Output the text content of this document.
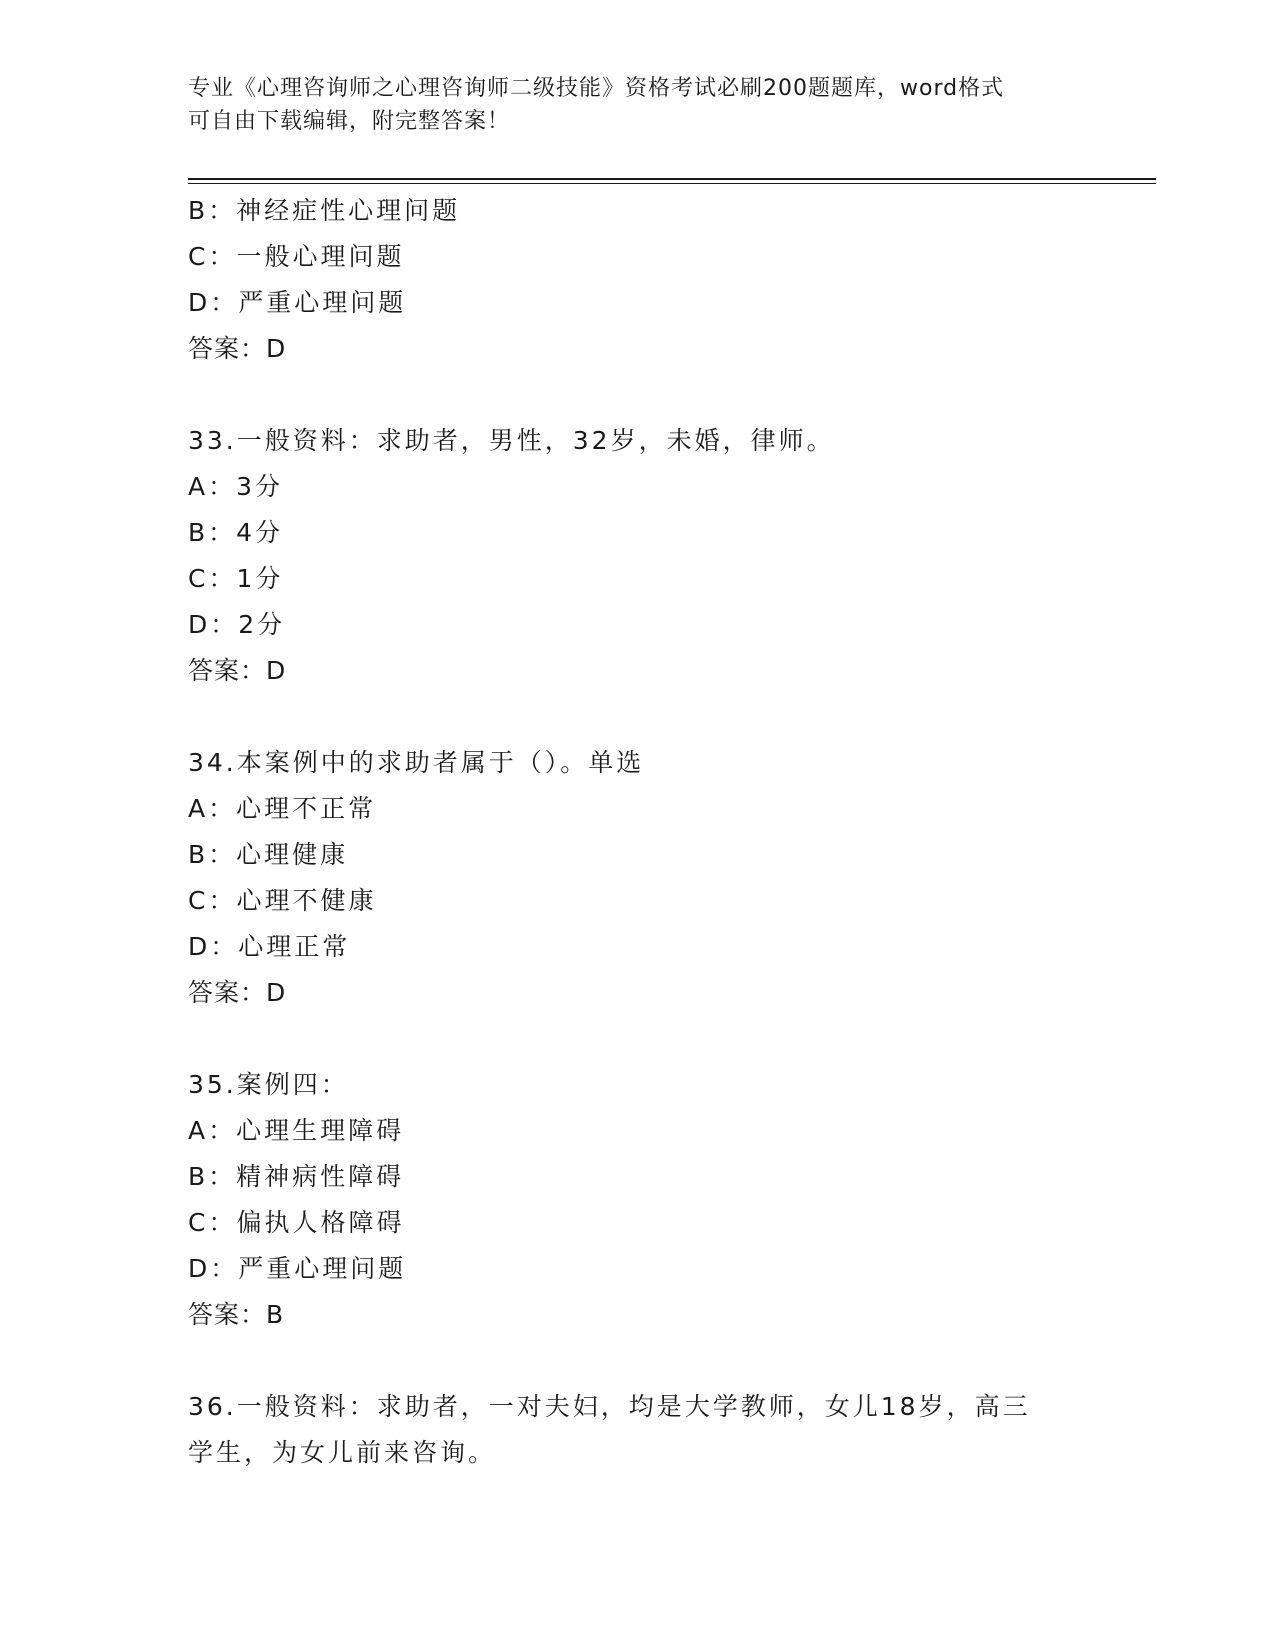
专业《心理咨询师之心理咨询师二级技能》资格考试必刷200题题库，word格式
可自由下载编辑，附完整答案！
B：神经症性心理问题
C：一般心理问题
D：严重心理问题
答案：D
33.一般资料：求助者，男性，32岁，未婚，律师。
A：3分
B：4分
C：1分
D：2分
答案：D
34.本案例中的求助者属于（）。单选
A：心理不正常
B：心理健康
C：心理不健康
D：心理正常
答案：D
35.案例四：
A：心理生理障碍
B：精神病性障碍
C：偏执人格障碍
D：严重心理问题
答案：B
36.一般资料：求助者，一对夫妇，均是大学教师，女儿18岁，高三
学生，为女儿前来咨询。
